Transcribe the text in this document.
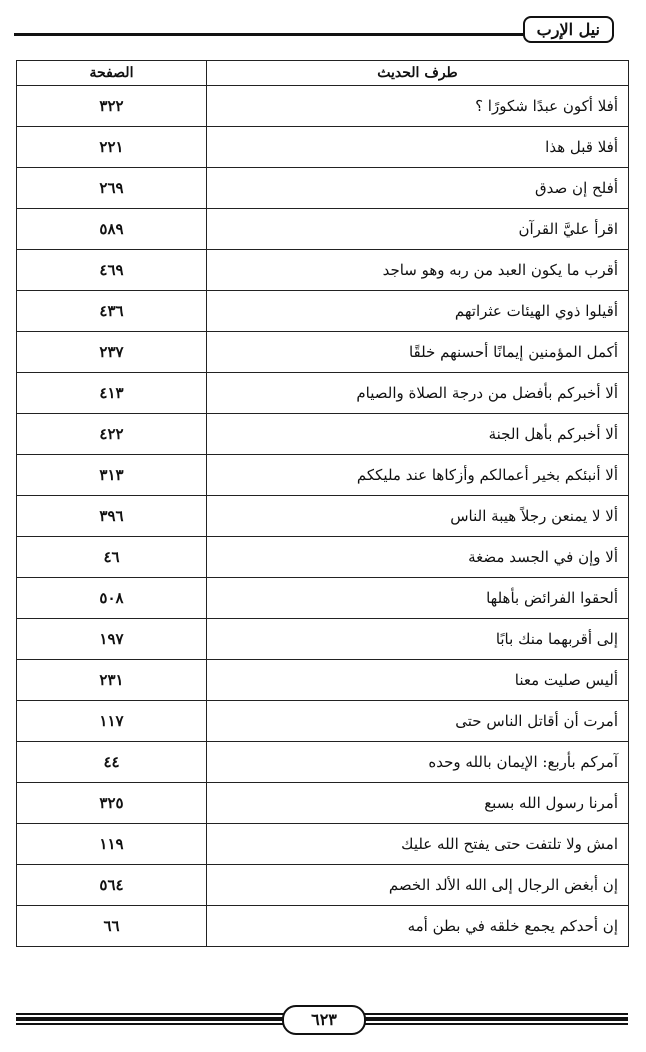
نيل الإرب
طرف الحديث	الصفحة
أفلا أكون عبدًا شكورًا ؟	٣٢٢
أفلا قبل هذا	٢٢١
أفلح إن صدق	٢٦٩
اقرأ عليَّ القرآن	٥٨٩
أقرب ما يكون العبد من ربه وهو ساجد	٤٦٩
أقيلوا ذوي الهيئات عثراتهم	٤٣٦
أكمل المؤمنين إيمانًا أحسنهم خلقًا	٢٣٧
ألا أخبركم بأفضل من درجة الصلاة والصيام	٤١٣
ألا أخبركم بأهل الجنة	٤٢٢
ألا أنبئكم بخير أعمالكم وأزكاها عند مليككم	٣١٣
ألا لا يمنعن رجلاً هيبة الناس	٣٩٦
ألا وإن في الجسد مضغة	٤٦
ألحقوا الفرائض بأهلها	٥٠٨
إلى أقربهما منك بابًا	١٩٧
أليس صليت معنا	٢٣١
أمرت أن أقاتل الناس حتى	١١٧
آمركم بأربع: الإيمان بالله وحده	٤٤
أمرنا رسول الله بسبع	٣٢٥
امش ولا تلتفت حتى يفتح الله عليك	١١٩
إن أبغض الرجال إلى الله الألد الخصم	٥٦٤
إن أحدكم يجمع خلقه في بطن أمه	٦٦
٦٢٣
